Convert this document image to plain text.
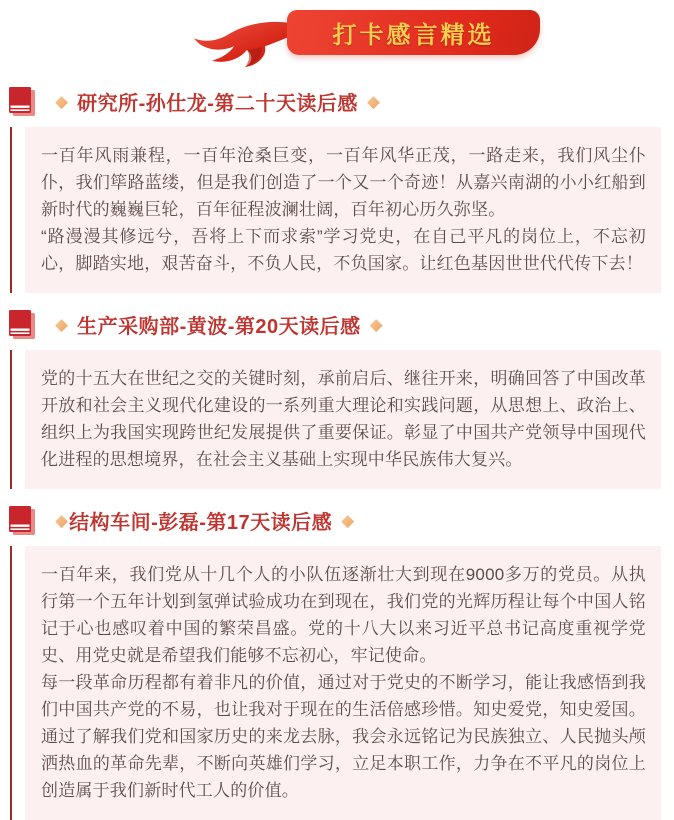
打卡感言精选
◆ 研究所-孙仕龙-第二十天读后感 ◆

一百年风雨兼程，一百年沧桑巨变，一百年风华正茂，一路走来，我们风尘仆仆，我们筚路蓝缕，但是我们创造了一个又一个奇迹！从嘉兴南湖的小小红船到新时代的巍巍巨轮，百年征程波澜壮阔，百年初心历久弥坚。

“路漫漫其修远兮，吾将上下而求索”学习党史，在自己平凡的岗位上，不忘初心，脚踏实地，艰苦奋斗，不负人民，不负国家。让红色基因世世代代传下去！

◆ 生产采购部-黄波-第20天读后感 ◆

党的十五大在世纪之交的关键时刻，承前启后、继往开来，明确回答了中国改革开放和社会主义现代化建设的一系列重大理论和实践问题，从思想上、政治上、组织上为我国实现跨世纪发展提供了重要保证。彰显了中国共产党领导中国现代化进程的思想境界，在社会主义基础上实现中华民族伟大复兴。

◆ 结构车间-彭磊-第17天读后感 ◆

一百年来，我们党从十几个人的小队伍逐渐壮大到现在9000多万的党员。从执行第一个五年计划到氢弹试验成功在到现在，我们党的光辉历程让每个中国人铭记于心也感叹着中国的繁荣昌盛。党的十八大以来习近平总书记高度重视学党史、用党史就是希望我们能够不忘初心，牢记使命。

每一段革命历程都有着非凡的价值，通过对于党史的不断学习，能让我感悟到我们中国共产党的不易，也让我对于现在的生活倍感珍惜。知史爱党，知史爱国。通过了解我们党和国家历史的来龙去脉，我会永远铭记为民族独立、人民抛头颅洒热血的革命先辈，不断向英雄们学习，立足本职工作，力争在不平凡的岗位上创造属于我们新时代工人的价值。
